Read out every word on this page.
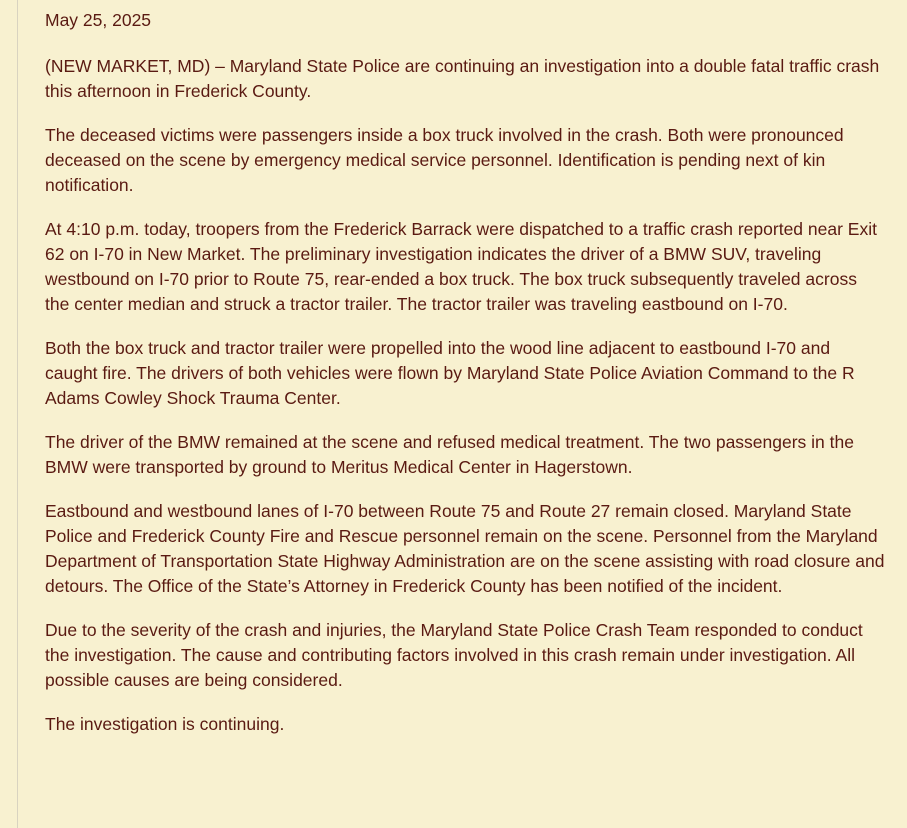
May 25, 2025

(NEW MARKET, MD) – Maryland State Police are continuing an investigation into a double fatal traffic crash this afternoon in Frederick County.

The deceased victims were passengers inside a box truck involved in the crash. Both were pronounced deceased on the scene by emergency medical service personnel. Identification is pending next of kin notification.

At 4:10 p.m. today, troopers from the Frederick Barrack were dispatched to a traffic crash reported near Exit 62 on I-70 in New Market. The preliminary investigation indicates the driver of a BMW SUV, traveling westbound on I-70 prior to Route 75, rear-ended a box truck. The box truck subsequently traveled across the center median and struck a tractor trailer. The tractor trailer was traveling eastbound on I-70.

Both the box truck and tractor trailer were propelled into the wood line adjacent to eastbound I-70 and caught fire. The drivers of both vehicles were flown by Maryland State Police Aviation Command to the R Adams Cowley Shock Trauma Center.

The driver of the BMW remained at the scene and refused medical treatment. The two passengers in the BMW were transported by ground to Meritus Medical Center in Hagerstown.

Eastbound and westbound lanes of I-70 between Route 75 and Route 27 remain closed. Maryland State Police and Frederick County Fire and Rescue personnel remain on the scene. Personnel from the Maryland Department of Transportation State Highway Administration are on the scene assisting with road closure and detours. The Office of the State’s Attorney in Frederick County has been notified of the incident.

Due to the severity of the crash and injuries, the Maryland State Police Crash Team responded to conduct the investigation. The cause and contributing factors involved in this crash remain under investigation. All possible causes are being considered.

The investigation is continuing.
